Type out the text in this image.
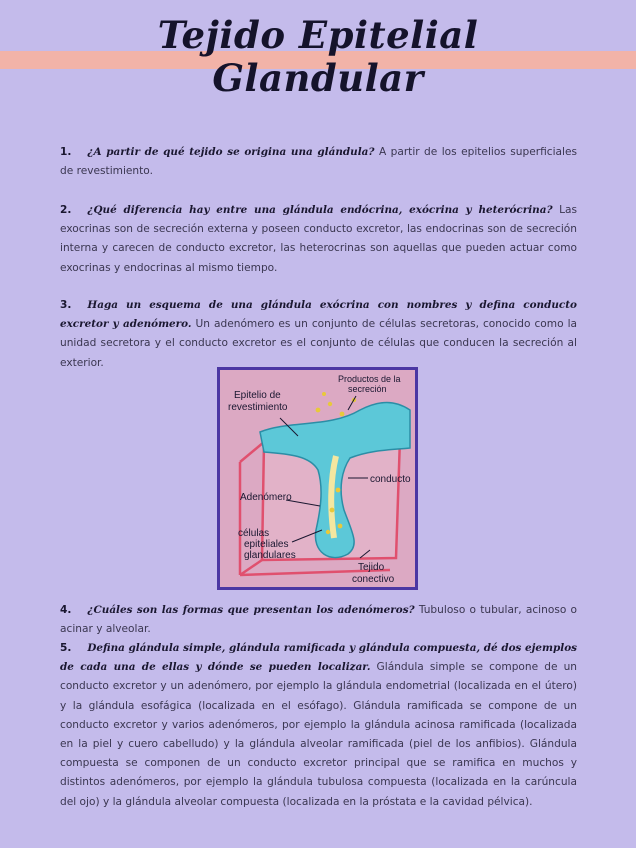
Tejido Epitelial
Glandular
1. ¿A partir de qué tejido se origina una glándula? A partir de los epitelios superficiales de revestimiento.
2. ¿Qué diferencia hay entre una glándula endócrina, exócrina y heterócrina? Las exocrinas son de secreción externa y poseen conducto excretor, las endocrinas son de secreción interna y carecen de conducto excretor, las heterocrinas son aquellas que pueden actuar como exocrinas y endocrinas al mismo tiempo.
3. Haga un esquema de una glándula exócrina con nombres y defina conducto excretor y adenómero. Un adenómero es un conjunto de células secretoras, conocido como la unidad secretora y el conducto excretor es el conjunto de células que conducen la secreción al exterior.
Epitelio de
revestimiento
Productos de la
secreción
conducto
Adenómero
células
epiteliales
glandulares
Tejido
conectivo
4. ¿Cuáles son las formas que presentan los adenómeros? Tubuloso o tubular, acinoso o acinar y alveolar.
5. Defina glándula simple, glándula ramificada y glándula compuesta, dé dos ejemplos de cada una de ellas y dónde se pueden localizar. Glándula simple se compone de un conducto excretor y un adenómero, por ejemplo la glándula endometrial (localizada en el útero) y la glándula esofágica (localizada en el esófago). Glándula ramificada se compone de un conducto excretor y varios adenómeros, por ejemplo la glándula acinosa ramificada (localizada en la piel y cuero cabelludo) y la glándula alveolar ramificada (piel de los anfibios). Glándula compuesta se componen de un conducto excretor principal que se ramifica en muchos y distintos adenómeros, por ejemplo la glándula tubulosa compuesta (localizada en la carúncula del ojo) y la glándula alveolar compuesta (localizada en la próstata e la cavidad pélvica).
